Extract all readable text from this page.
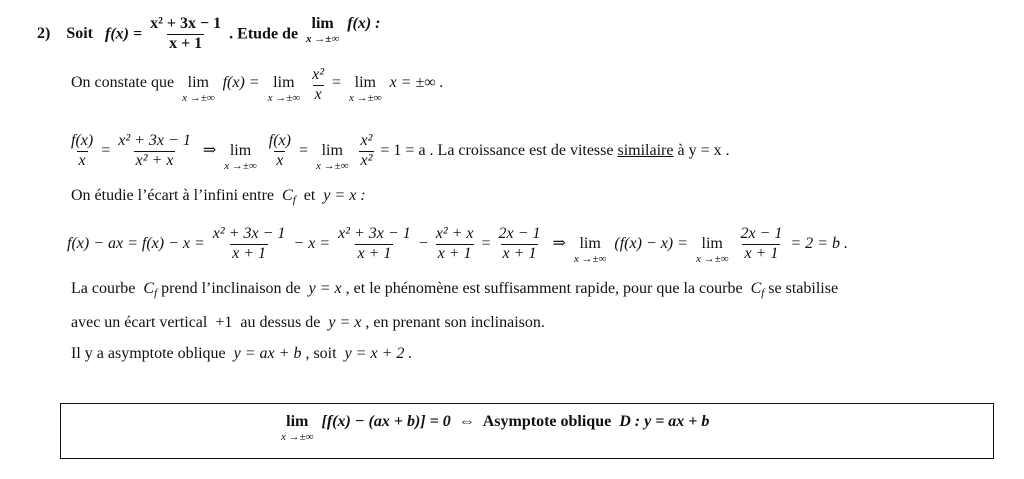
2) Soit $f(x) = \frac{\text{x² + 3x − 1}}{x + 1}$ . Etude de
lim
x →±∞
f(x) :
On constate que lim
x →±∞
f(x) = lim
x →±∞
$\frac{\text{x²}}{x} = \lim$
x →±∞
x = ±∞ .
$\frac{f(x)}{x} = \frac{\text{x² + 3x − 1}}{\text{x² + x}}$ ⇒ lim
x →±∞
$\frac{f(x)}{x} = \lim$
x →±∞
$\frac{\text{x²}}{\text{x²}} = 1 = a$ . La croissance est de vitesse similaire à y = x .
On étudie l’écart à l’infini entre $C_f$ et y = x :
f(x) − ax = $f(x) - x = \frac{\text{x² + 3x − 1}}{x + 1} - x = \frac{\text{x² + 3x − 1}}{x + 1} - \frac{\text{x² + x}}{x + 1} = \frac{2x - 1}{x + 1}$ ⇒ lim
x →±∞
(f(x) − x) = lim
x →±∞
$\frac{2x - 1}{x + 1} = 2 = b$ .
La courbe $C_f$ prend l’inclinaison de y = x , et le phénomène est suffisamment rapide, pour que la courbe $C_f$ se stabilise
avec un écart vertical +1 au dessus de y = x , en prenant son inclinaison.
Il y a asymptote oblique y = ax + b , soit y = x + 2 .
lim
x →±∞
[f(x) − (ax + b)] = 0 ⇔ Asymptote oblique D : y = ax + b
